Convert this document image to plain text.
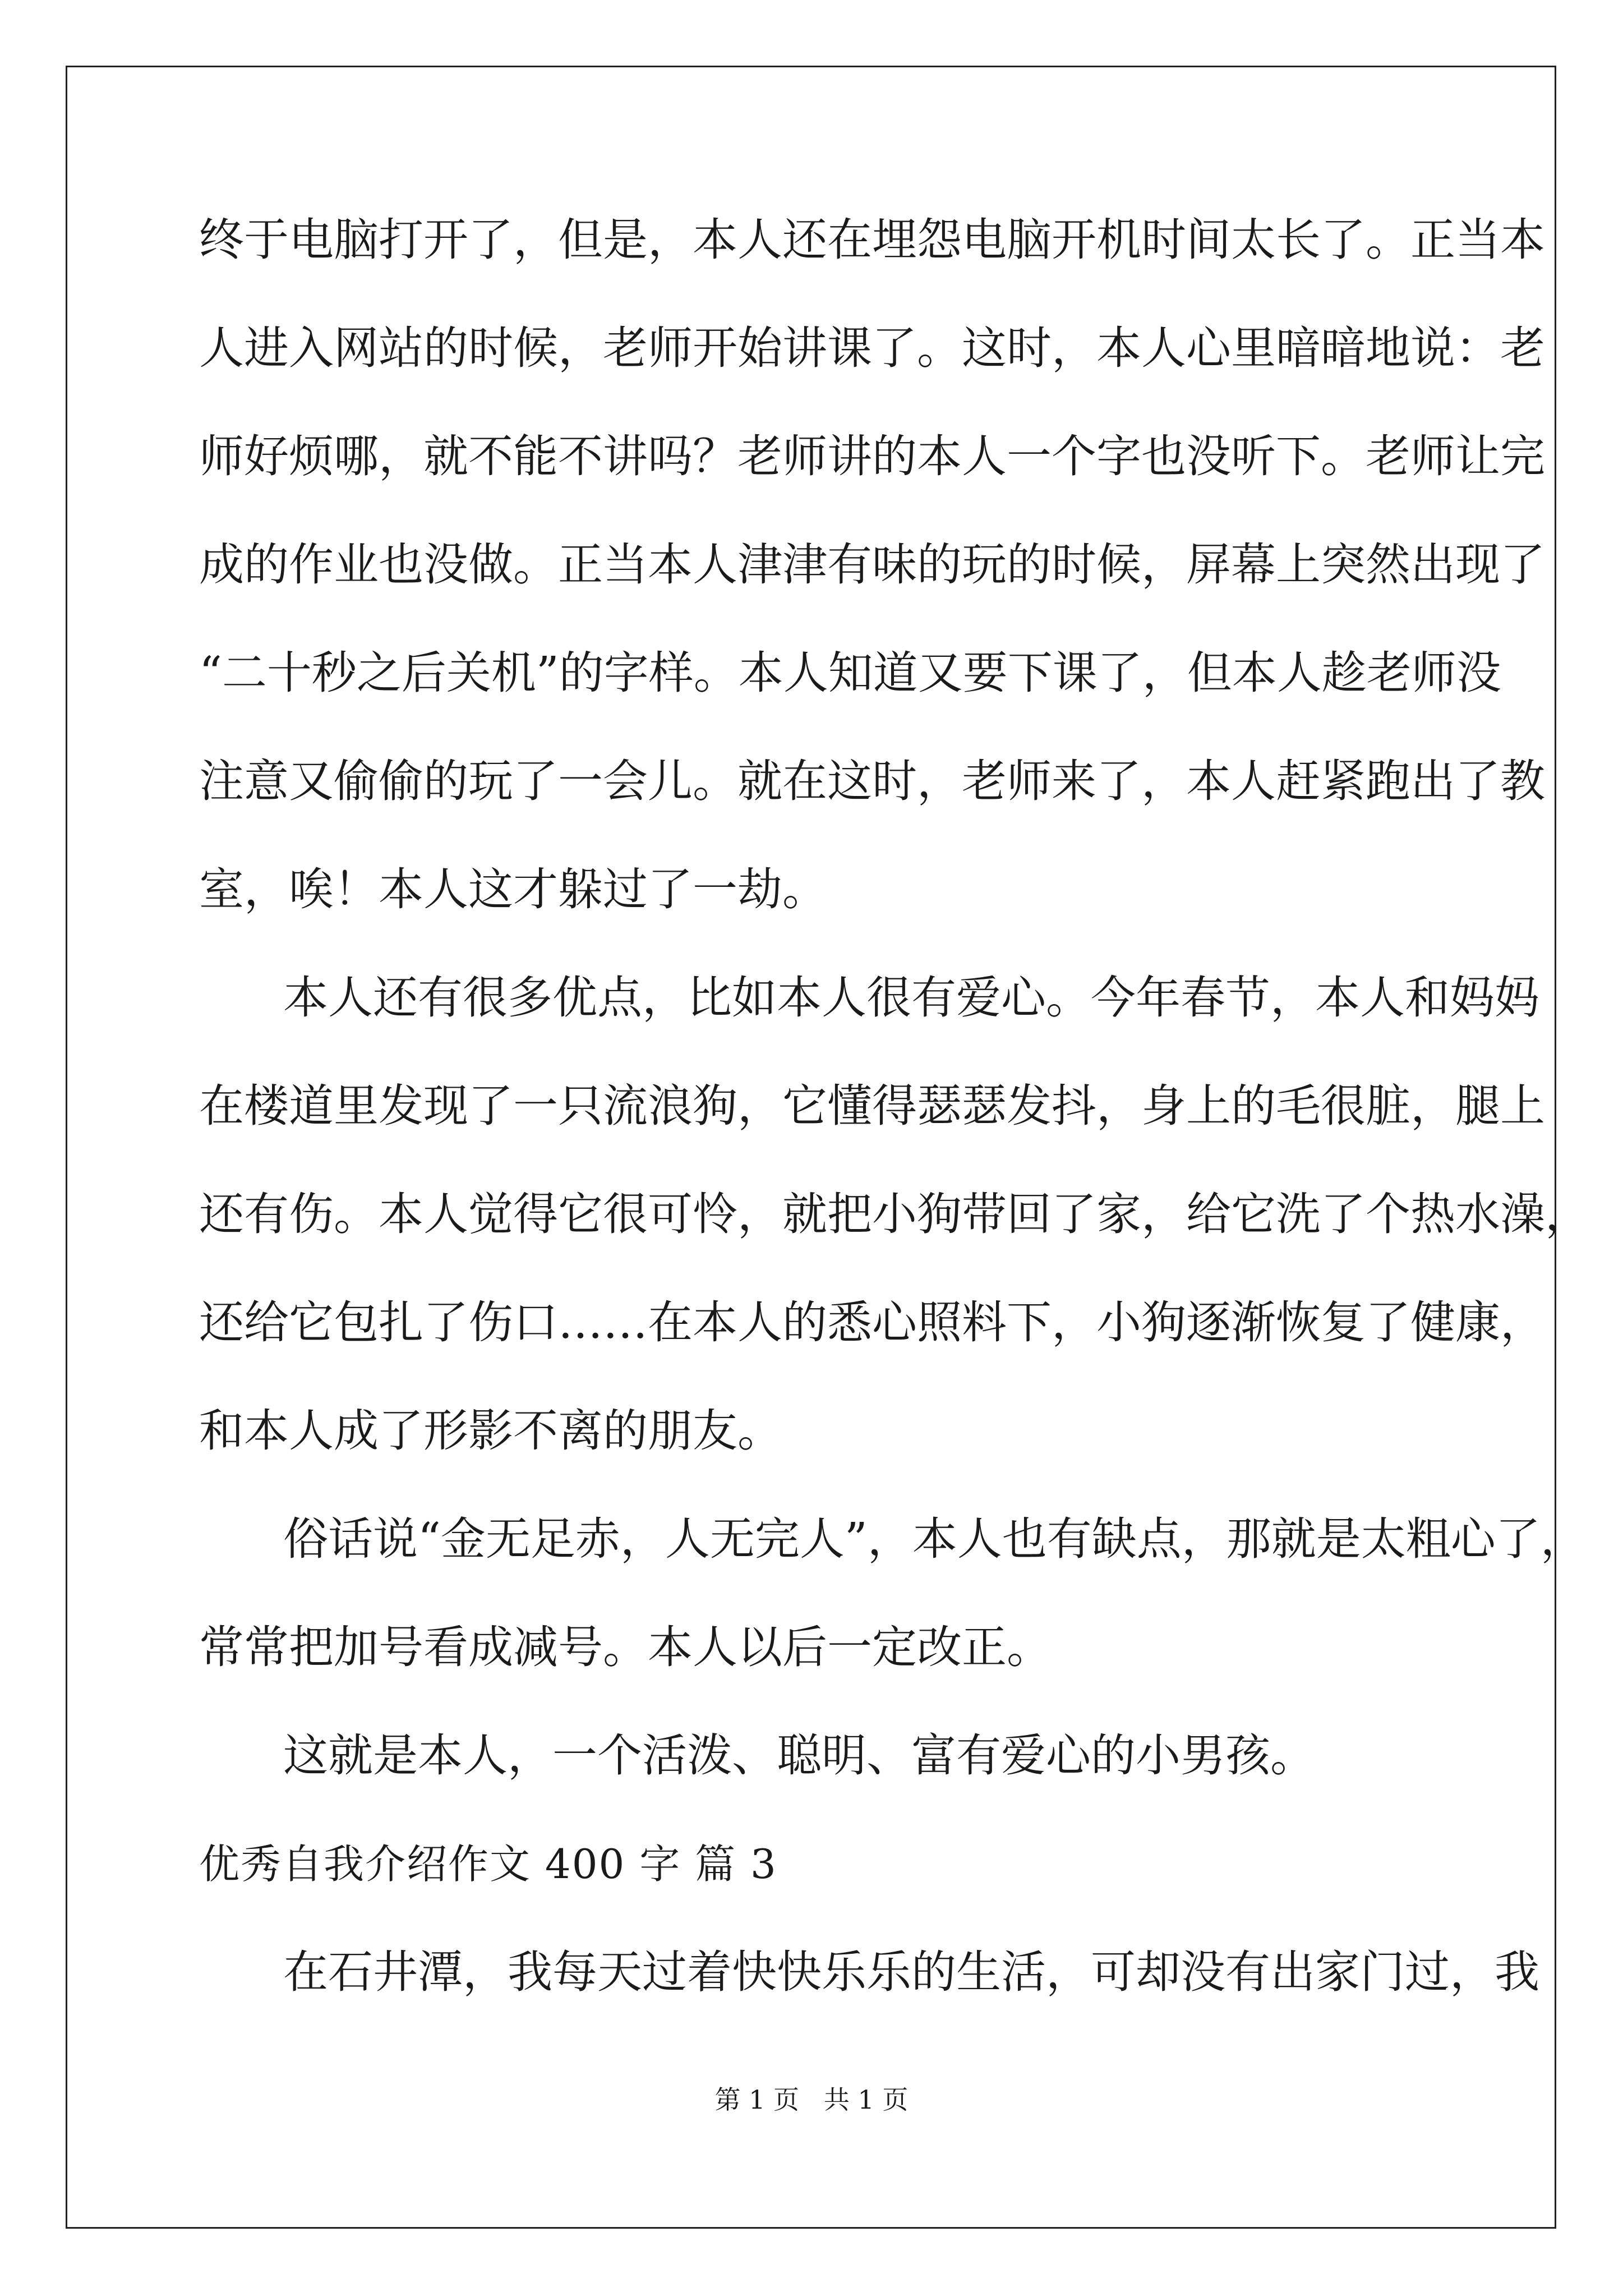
终于电脑打开了，但是，本人还在埋怨电脑开机时间太长了。正当本
人进入网站的时候，老师开始讲课了。这时，本人心里暗暗地说：老
师好烦哪，就不能不讲吗？老师讲的本人一个字也没听下。老师让完
成的作业也没做。正当本人津津有味的玩的时候，屏幕上突然出现了
“二十秒之后关机”的字样。本人知道又要下课了，但本人趁老师没
注意又偷偷的玩了一会儿。就在这时，老师来了，本人赶紧跑出了教
室，唉！本人这才躲过了一劫。
本人还有很多优点，比如本人很有爱心。今年春节，本人和妈妈
在楼道里发现了一只流浪狗，它懂得瑟瑟发抖，身上的毛很脏，腿上
还有伤。本人觉得它很可怜，就把小狗带回了家，给它洗了个热水澡，
还给它包扎了伤口……在本人的悉心照料下，小狗逐渐恢复了健康，
和本人成了形影不离的朋友。
俗话说“金无足赤，人无完人”，本人也有缺点，那就是太粗心了，
常常把加号看成减号。本人以后一定改正。
这就是本人，一个活泼、聪明、富有爱心的小男孩。
优秀自我介绍作文 400 字 篇 3
在石井潭，我每天过着快快乐乐的生活，可却没有出家门过，我
第 1 页   共 1 页
